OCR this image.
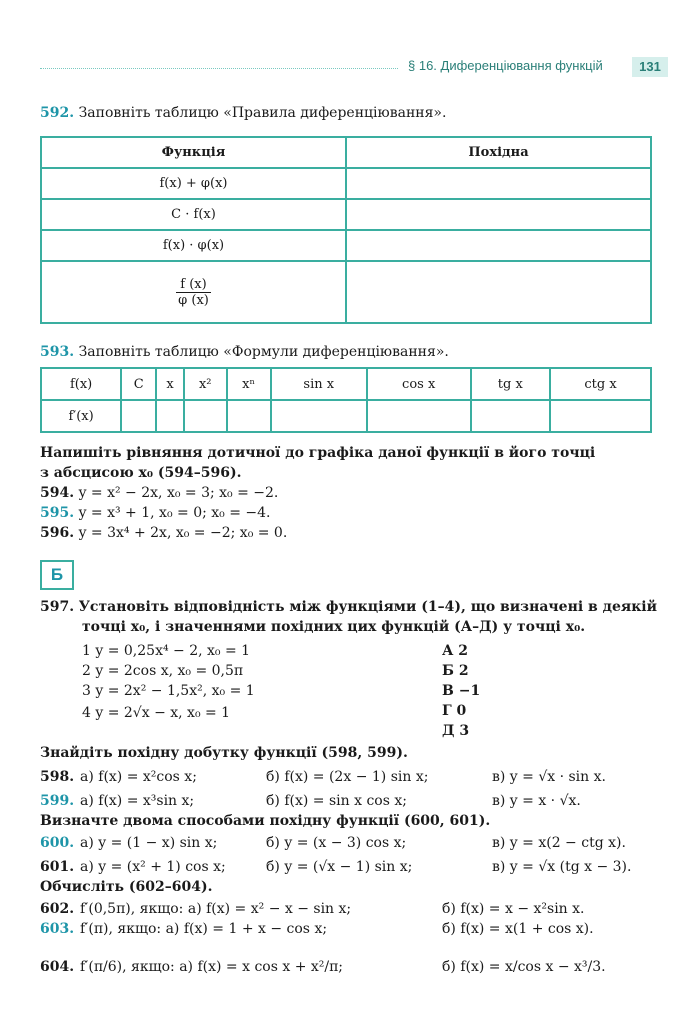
§ 16. Диференціювання функцій	131
592. Заповніть таблицю «Правила диференціювання».
Функція	Похідна
f(x) + φ(x)	
C · f(x)	
f(x) · φ(x)	

$\frac{f (x)}{\varphi (x)}$

593. Заповніть таблицю «Формули диференціювання».
f(x)	C	x	x²	xⁿ	sin x	cos x	tg x	ctg x
f′(x)								
Напишіть рівняння дотичної до графіка даної функції в його точці
з абсцисою x₀ (594–596).
594. y = x² − 2x, x₀ = 3; x₀ = −2.
595. y = x³ + 1, x₀ = 0; x₀ = −4.
596. y = 3x⁴ + 2x, x₀ = −2; x₀ = 0.
Б
597. Установіть відповідність між функціями (1–4), що визначені в деякій
точці x₀, і значеннями похідних цих функцій (А–Д) у точці x₀.
1 y = 0,25x⁴ − 2, x₀ = 1
2 y = 2cos x, x₀ = 0,5π
3 y = 2x² − 1,5x², x₀ = 1
4 y = 2√x − x, x₀ = 1
А 2
Б 2
В −1
Г 0
Д 3
Знайдіть похідну добутку функції (598, 599).
598. а) f(x) = x²cos x;	б) f(x) = (2x − 1) sin x;	в) y = √x · sin x.
599. а) f(x) = x³sin x;	б) f(x) = sin x cos x;	в) y = x · √x.
Визначте двома способами похідну функції (600, 601).
600. а) y = (1 − x) sin x;	б) y = (x − 3) cos x;	в) y = x(2 − ctg x).
601. а) y = (x² + 1) cos x;	б) y = (√x − 1) sin x;	в) y = √x (tg x − 3).
Обчисліть (602–604).
602. f′(0,5π), якщо: а) f(x) = x² − x − sin x;	б) f(x) = x − x²sin x.
603. f′(π), якщо: а) f(x) = 1 + x − cos x;	б) f(x) = x(1 + cos x).
604. f′(π/6), якщо: а) f(x) = x cos x + x²/π;	б) f(x) = x/cos x − x³/3.
